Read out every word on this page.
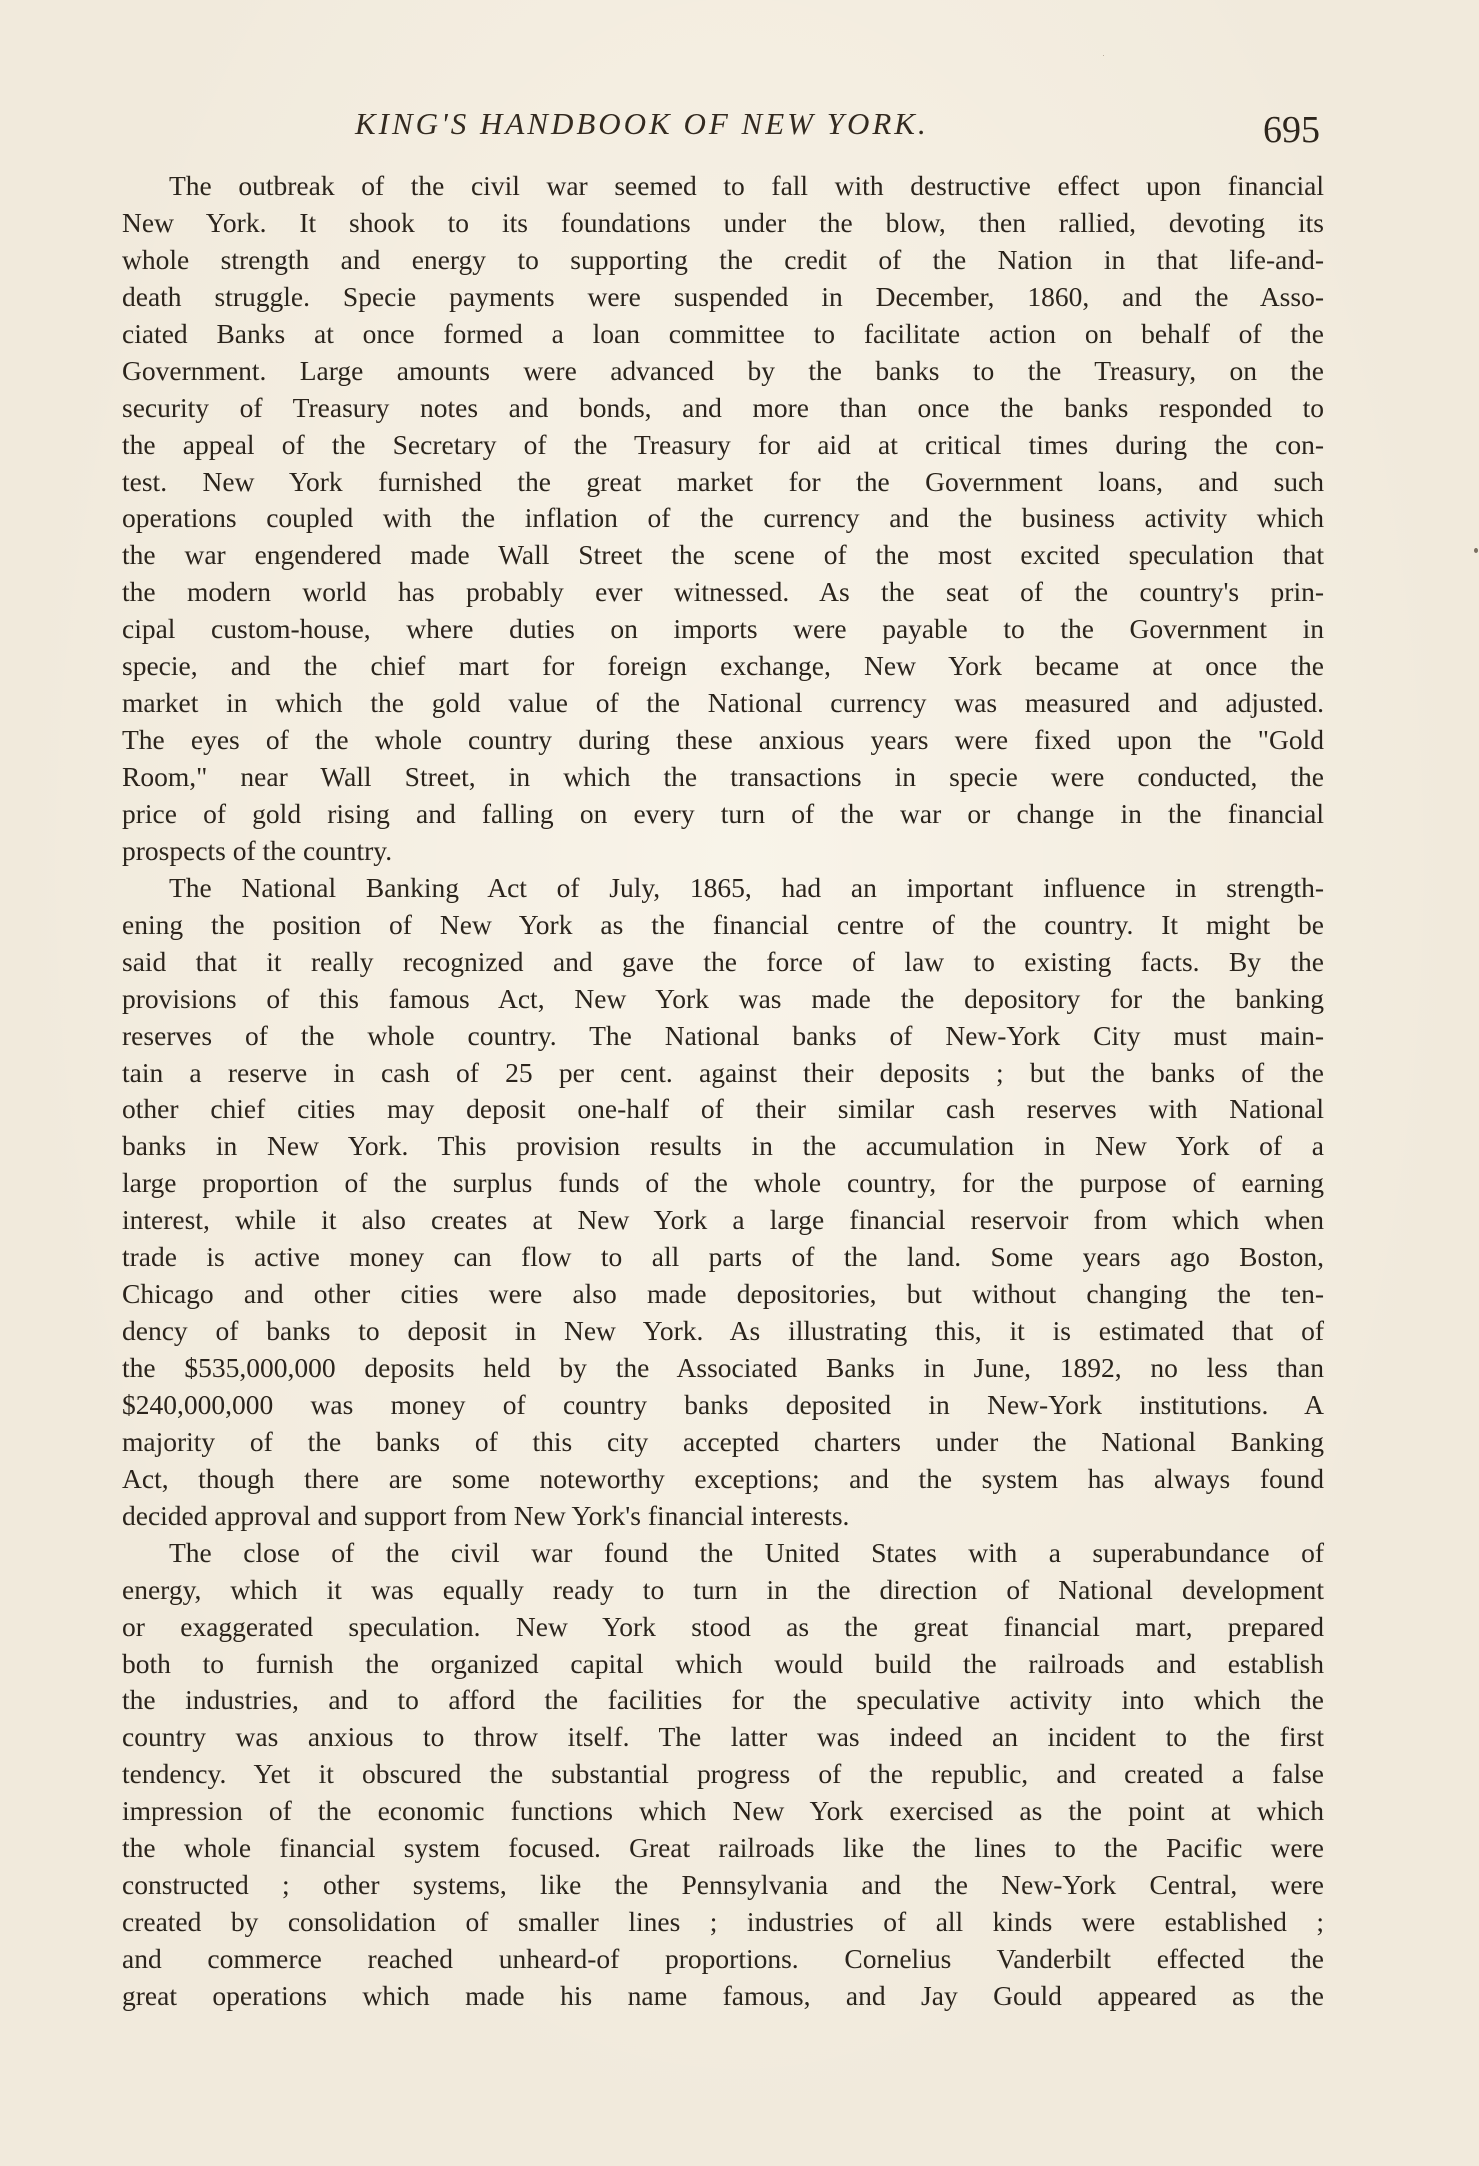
KING'S HANDBOOK OF NEW YORK.	695
The outbreak of the civil war seemed to fall with destructive effect upon financial
New York. It shook to its foundations under the blow, then rallied, devoting its
whole strength and energy to supporting the credit of the Nation in that life-and-
death struggle. Specie payments were suspended in December, 1860, and the Asso-
ciated Banks at once formed a loan committee to facilitate action on behalf of the
Government. Large amounts were advanced by the banks to the Treasury, on the
security of Treasury notes and bonds, and more than once the banks responded to
the appeal of the Secretary of the Treasury for aid at critical times during the con-
test. New York furnished the great market for the Government loans, and such
operations coupled with the inflation of the currency and the business activity which
the war engendered made Wall Street the scene of the most excited speculation that
the modern world has probably ever witnessed. As the seat of the country's prin-
cipal custom-house, where duties on imports were payable to the Government in
specie, and the chief mart for foreign exchange, New York became at once the
market in which the gold value of the National currency was measured and adjusted.
The eyes of the whole country during these anxious years were fixed upon the "Gold
Room," near Wall Street, in which the transactions in specie were conducted, the
price of gold rising and falling on every turn of the war or change in the financial
prospects of the country.
The National Banking Act of July, 1865, had an important influence in strength-
ening the position of New York as the financial centre of the country. It might be
said that it really recognized and gave the force of law to existing facts. By the
provisions of this famous Act, New York was made the depository for the banking
reserves of the whole country. The National banks of New-York City must main-
tain a reserve in cash of 25 per cent. against their deposits ; but the banks of the
other chief cities may deposit one-half of their similar cash reserves with National
banks in New York. This provision results in the accumulation in New York of a
large proportion of the surplus funds of the whole country, for the purpose of earning
interest, while it also creates at New York a large financial reservoir from which when
trade is active money can flow to all parts of the land. Some years ago Boston,
Chicago and other cities were also made depositories, but without changing the ten-
dency of banks to deposit in New York. As illustrating this, it is estimated that of
the $535,000,000 deposits held by the Associated Banks in June, 1892, no less than
$240,000,000 was money of country banks deposited in New-York institutions. A
majority of the banks of this city accepted charters under the National Banking
Act, though there are some noteworthy exceptions; and the system has always found
decided approval and support from New York's financial interests.
The close of the civil war found the United States with a superabundance of
energy, which it was equally ready to turn in the direction of National development
or exaggerated speculation. New York stood as the great financial mart, prepared
both to furnish the organized capital which would build the railroads and establish
the industries, and to afford the facilities for the speculative activity into which the
country was anxious to throw itself. The latter was indeed an incident to the first
tendency. Yet it obscured the substantial progress of the republic, and created a false
impression of the economic functions which New York exercised as the point at which
the whole financial system focused. Great railroads like the lines to the Pacific were
constructed ; other systems, like the Pennsylvania and the New-York Central, were
created by consolidation of smaller lines ; industries of all kinds were established ;
and commerce reached unheard-of proportions. Cornelius Vanderbilt effected the
great operations which made his name famous, and Jay Gould appeared as the
